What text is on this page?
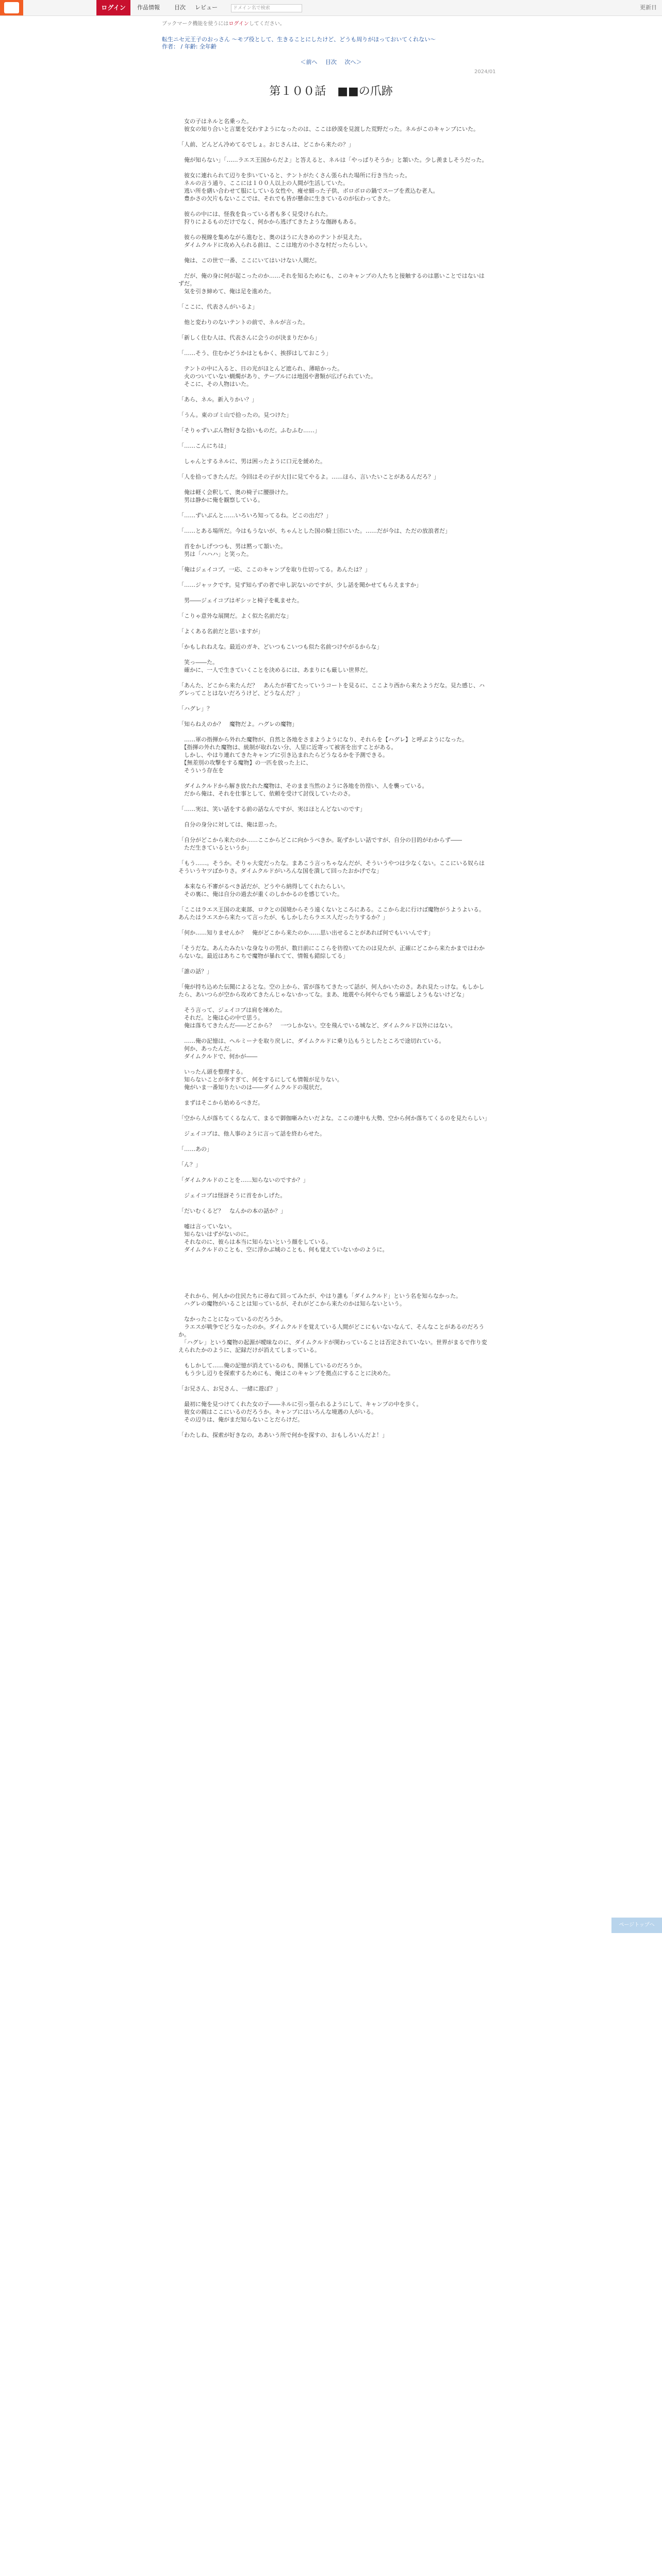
ログイン	作品情報	目次 レビュー	ドメイン名で検索	更新日
ブックマーク機能を使うにはログインしてください。
転生ニセ元王子のおっさん ～モブ役として、生きることにしたけど、どうも周りがほっておいてくれない～
作者： / 年齢: 全年齢
＜前へ 目次 次へ＞
2024/01
第１００話　■■の爪跡

　女の子はネルと名乗った。

　彼女の知り合いと言葉を交わすようになったのは、ここは砂漠を見渡した荒野だった。ネルがこのキャンプにいた。

「人前、どんどん冷めてるでしょ。おじさんは、どこから来たの？」

　俺が知らない」「……ラエス王国からだよ」と答えると、ネルは「やっぱりそうか」と頷いた。少し羨ましそうだった。

　彼女に連れられて辺りを歩いていると、テントがたくさん張られた場所に行き当たった。

　ネルの言う通り、ここには１００人以上の人間が生活していた。

　逃い所を繕い合わせて服にしている女性や、痩せ細った子供、ボロボロの鍋でスープを煮込む老人。

　豊かさの欠片もないここでは、それでも皆が懸命に生きているのが伝わってきた。

　彼らの中には、怪我を負っている者も多く見受けられた。

　狩りによるものだけでなく、何かから逃げてきたような傷跡もある。

　彼らの視線を集めながら進むと、奥のほうに大きめのテントが見えた。

　ダイムクルドに攻め入られる前は、ここは地方の小さな村だったらしい。

　俺は、この世で一番、ここにいてはいけない人間だ。

　だが、俺の身に何が起こったのか……それを知るためにも、このキャンプの人たちと接触するのは悪いことではないはずだ。

　気を引き締めて、俺は足を進めた。

「ここに、代表さんがいるよ」

　他と変わりのないテントの前で、ネルが言った。

「新しく住む人は、代表さんに会うのが決まりだから」

「……そう、住むかどうかはともかく、挨拶はしておこう」

　テントの中に入ると、日の光がほとんど遮られ、薄暗かった。

　火のついていない蝋燭があり、テーブルには地図や書類が広げられていた。

　そこに、その人物はいた。

「あら、ネル。新入りかい？」

「うん。東のゴミ山で拾ったの。見つけた」

「そりゃずいぶん物好きな拾いものだ。ふむふむ……」

「……こんにちは」

　しゃんとするネルに、男は困ったように口元を緩めた。

「人を拾ってきたんだ。今回はその子が大目に見てやるよ。……ほら、言いたいことがあるんだろ？」

　俺は軽く会釈して、奥の椅子に腰掛けた。

　男は静かに俺を観察している。

「……ずいぶんと……いろいろ知ってるね。どこの出だ？」

「……とある場所だ。今はもうないが、ちゃんとした国の騎士団にいた。……だが今は、ただの放浪者だ」

　首をかしげつつも、男は黙って頷いた。

　男は「ハハハ」と笑った。

「俺はジェイコブ。一応、ここのキャンプを取り仕切ってる。あんたは？」

「……ジャックです。見ず知らずの者で申し訳ないのですが、少し話を聞かせてもらえますか」

　男――ジェイコブはギシッと椅子を軋ませた。

「こりゃ意外な展開だ。よく似た名前だな」

「よくある名前だと思いますが」

「かもしれねえな。最近のガキ、どいつもこいつも似た名前つけやがるからな」

　笑っ――た。

　確かに、一人で生きていくことを決めるには、あまりにも厳しい世界だ。

「あんた、どこから来たんだ？　あんたが着てたっていうコートを見るに、ここより西から来たようだな。見た感じ、ハグレってことはないだろうけど、どうなんだ？」

「ハグレ」？

「知らねえのか？　魔物だよ。ハグレの魔物」

　……軍の指揮から外れた魔物が、自然と各地をさまようようになり、それらを【ハグレ】と呼ぶようになった。

　【指揮の外れた魔物は、統制が取れない分、人里に近寄って被害を出すことがある。

　しかし、やはり連れてきたキャンプに引き込まれたらどうなるかを予測できる。

　【無差別の攻撃をする魔物】の一匹を放った上に、

　そういう存在を

　ダイムクルドから解き放たれた魔物は、そのまま当然のように各地を彷徨い、人を襲っている。

　だから俺は、それを仕事として、依頼を受けて討伐していたのさ。

「……実は、笑い話をする前の話なんですが、実はほとんどないのです」

　自分の身分に対しては、俺は思った。

「自分がどこから来たのか……ここからどこに向かうべきか。恥ずかしい話ですが、自分の目的がわからず――

　ただ生きているというか」

「もう……。そうか。そりゃ大変だったな。まあこう言っちゃなんだが、そういうやつは少なくない。ここにいる奴らはそういうヤツばかりさ。ダイムクルドがいろんな国を潰して回ったおかげでな」

　本来なら不審がるべき話だが、どうやら納得してくれたらしい。

　その裏に、俺は自分の過去が重くのしかかるのを感じていた。

「ここはラエス王国の北東部、ロクとの国境からそう遠くないところにある。ここから北に行けば魔物がうようよいる。あんたはラエスから来たって言ったが、もしかしたらラエス人だったりするか？」

「何か……知りませんか？　俺がどこから来たのか……思い出せることがあれば何でもいいんです」

「そうだな。あんたみたいな身なりの男が、数日前にここらを彷徨いてたのは見たが、正確にどこから来たかまではわからないな。最近はあちこちで魔物が暴れてて、情報も錯綜してる」

「誰の話？」

「俺が持ち込めた伝聞によるとな。空の上から、雷が落ちてきたって話が、何人かいたのさ。あれ見たっけな。もしかしたら、あいつらが空から攻めてきたんじゃないかってな。まあ、地震やら何やらでもう確認しようもないけどな」

　そう言って、ジェイコブは肩を竦めた。

　それだ。と俺は心の中で思う。

　俺は落ちてきたんだ――どこから？　一つしかない。空を飛んでいる城など、ダイムクルド以外にはない。

　……俺の記憶は、ヘルミーナを取り戻しに、ダイムクルドに乗り込もうとしたところで途切れている。

　何か、あったんだ。

　ダイムクルドで、何かが――

　いったん頭を整理する。

　知らないことが多すぎて、何をするにしても情報が足りない。

　俺がいま一番知りたいのは――ダイムクルドの現状だ。

　まずはそこから始めるべきだ。

「空から人が落ちてくるなんて、まるで御伽噺みたいだよな。ここの連中も大勢、空から何か落ちてくるのを見たらしい」

　ジェイコブは、他人事のように言って話を終わらせた。

「……あの」

「ん？」

「ダイムクルドのことを……知らないのですか？」

　ジェイコブは怪訝そうに首をかしげた。

「だいむくるど？　なんかの本の話か？」

　嘘は言っていない。

　知らないはずがないのに。

　それなのに、彼らは本当に知らないという顔をしている。

　ダイムクルドのことも、空に浮かぶ城のことも、何も覚えていないかのように。

　それから、何人かの住民たちに尋ねて回ってみたが、やはり誰も「ダイムクルド」という名を知らなかった。

　ハグレの魔物がいることは知っているが、それがどこから来たのかは知らないという。

　なかったことになっているのだろうか。

　ラエスが戦争でどうなったのか。ダイムクルドを覚えている人間がどこにもいないなんて、そんなことがあるのだろうか。

　「ハグレ」という魔物の起源が曖昧なのに、ダイムクルドが関わっていることは否定されていない。世界がまるで作り変えられたかのように、記録だけが消えてしまっている。

　もしかして……俺の記憶が消えているのも、関係しているのだろうか。

　もう少し辺りを探索するためにも、俺はこのキャンプを拠点にすることに決めた。

「お兄さん、お兄さん、一緒に遊ぼ？」

　最初に俺を見つけてくれた女の子――ネルに引っ張られるようにして、キャンプの中を歩く。

　彼女の親はここにいるのだろうか。キャンプにはいろんな境遇の人がいる。

　その辺りは、俺がまだ知らないことだらけだ。

「わたしね、探索が好きなの。ああいう所で何かを探すの、おもしろいんだよ！」

ページトップへ
